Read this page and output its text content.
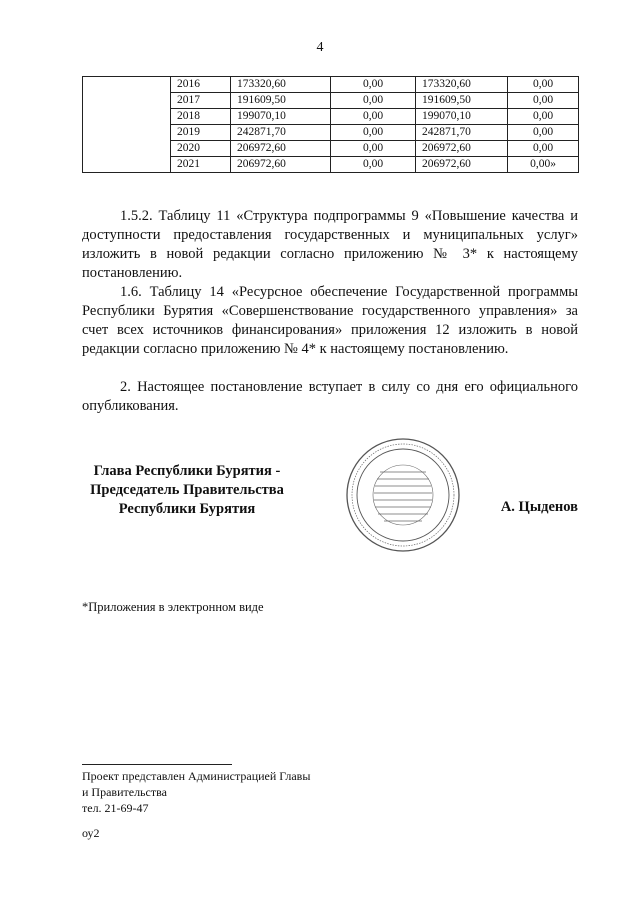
4
	2016	173320,60	0,00	173320,60	0,00
	2017	191609,50	0,00	191609,50	0,00
	2018	199070,10	0,00	199070,10	0,00
	2019	242871,70	0,00	242871,70	0,00
	2020	206972,60	0,00	206972,60	0,00
	2021	206972,60	0,00	206972,60	0,00»

1.5.2. Таблицу 11 «Структура подпрограммы 9 «Повышение качества и доступности предоставления государственных и муниципальных услуг» изложить в новой редакции согласно приложению № 3* к настоящему постановлению.

1.6. Таблицу 14 «Ресурсное обеспечение Государственной программы Республики Бурятия «Совершенствование государственного управления» за счет всех источников финансирования» приложения 12 изложить в новой редакции согласно приложению № 4* к настоящему постановлению.

2. Настоящее постановление вступает в силу со дня его официального опубликования.

Глава Республики Бурятия -
Председатель Правительства
Республики Бурятия	А. Цыденов
*Приложения в электронном виде
Проект представлен Администрацией Главы
и Правительства
тел. 21-69-47
оу2
